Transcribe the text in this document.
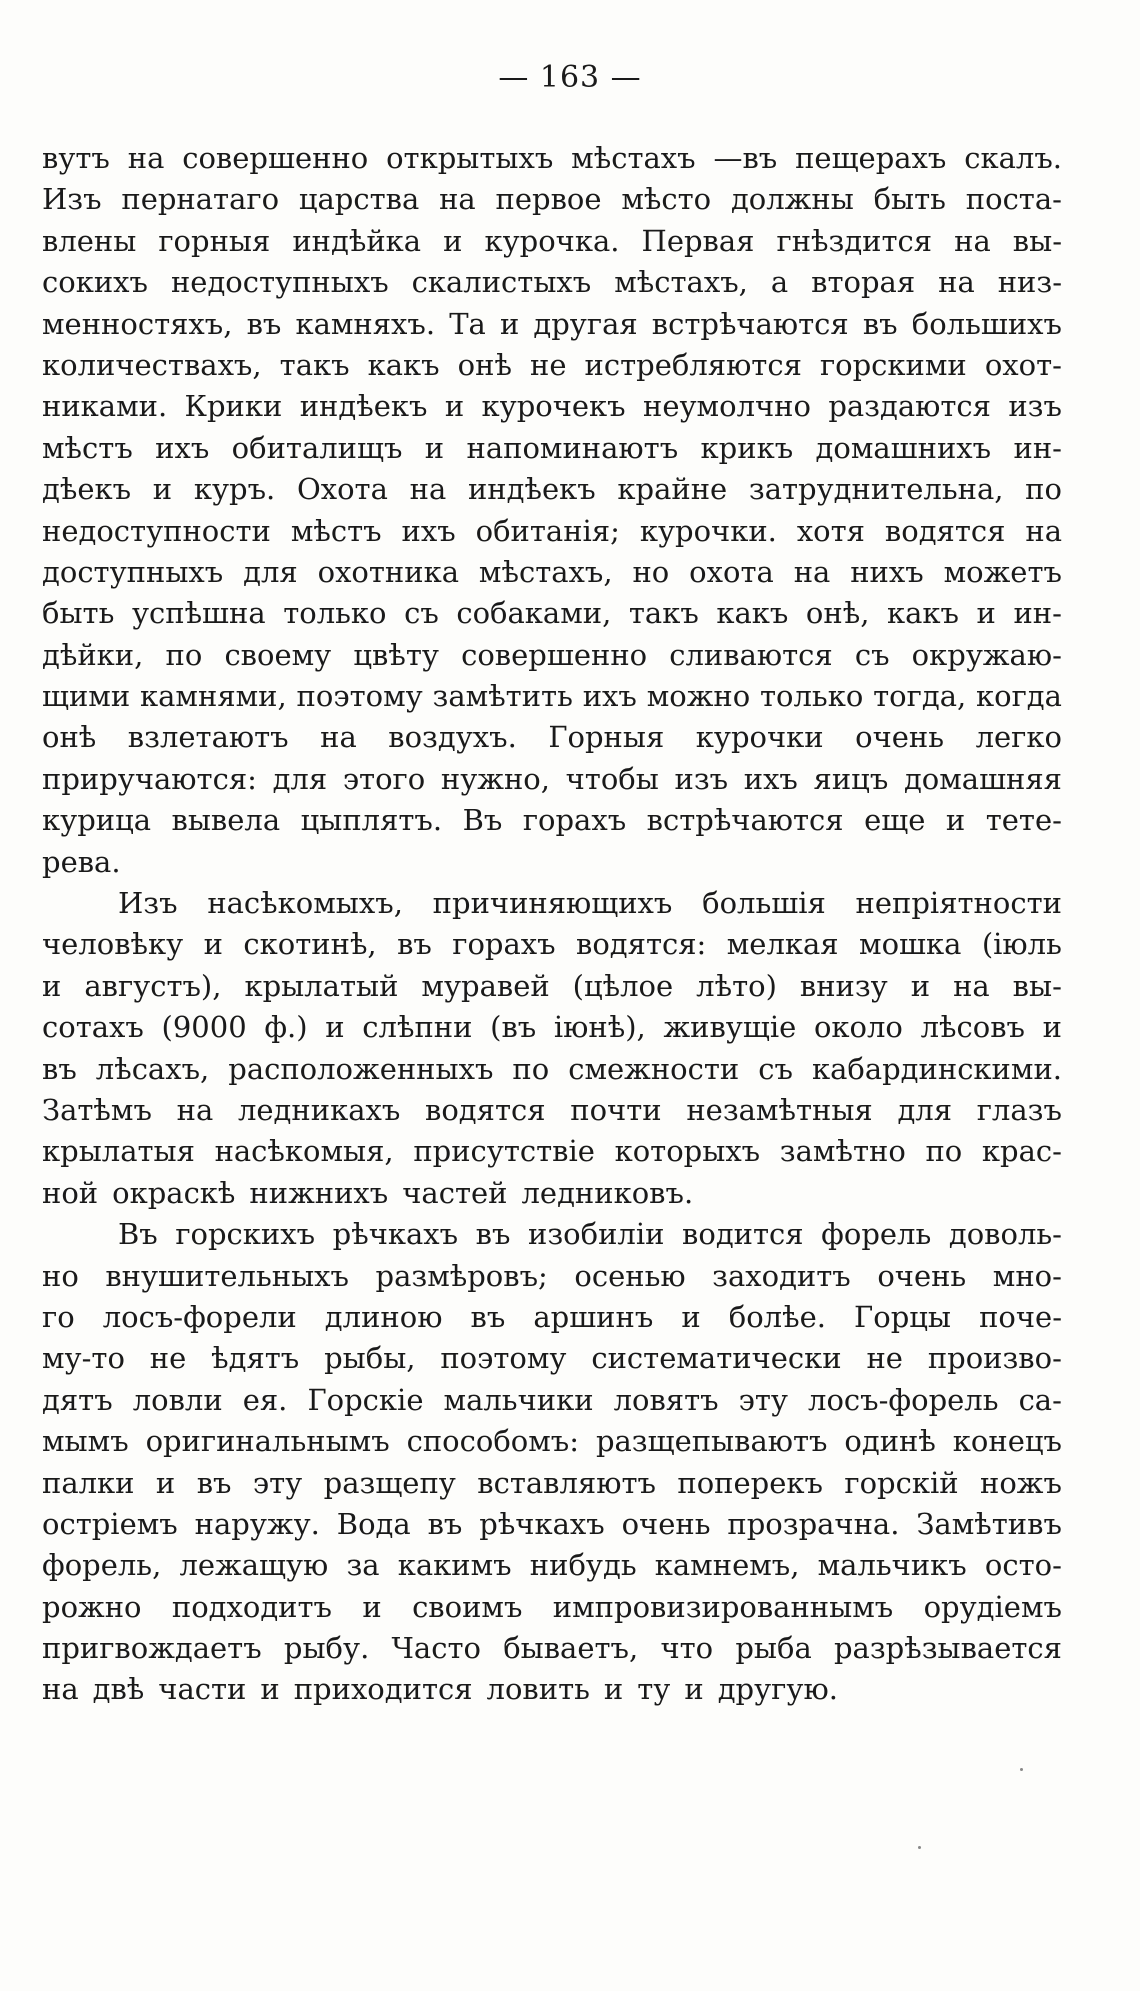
— 163 —
вутъ на совершенно открытыхъ мѣстахъ —въ пещерахъ скалъ.
Изъ пернатаго царства на первое мѣсто должны быть поста-
влены горныя индѣйка и курочка. Первая гнѣздится на вы-
сокихъ недоступныхъ скалистыхъ мѣстахъ, а вторая на низ-
менностяхъ, въ камняхъ. Та и другая встрѣчаются въ большихъ
количествахъ, такъ какъ онѣ не истребляются горскими охот-
никами. Крики индѣекъ и курочекъ неумолчно раздаются изъ
мѣстъ ихъ обиталищъ и напоминаютъ крикъ домашнихъ ин-
дѣекъ и куръ. Охота на индѣекъ крайне затруднительна, по
недоступности мѣстъ ихъ обитанія; курочки. хотя водятся на
доступныхъ для охотника мѣстахъ, но охота на нихъ можетъ
быть успѣшна только съ собаками, такъ какъ онѣ, какъ и ин-
дѣйки, по своему цвѣту совершенно сливаются съ окружаю-
щими камнями, поэтому замѣтить ихъ можно только тогда, когда
онѣ взлетаютъ на воздухъ. Горныя курочки очень легко
приручаются: для этого нужно, чтобы изъ ихъ яицъ домашняя
курица вывела цыплятъ. Въ горахъ встрѣчаются еще и тете-
рева.
Изъ насѣкомыхъ, причиняющихъ большія непріятности
человѣку и скотинѣ, въ горахъ водятся: мелкая мошка (іюль
и августъ), крылатый муравей (цѣлое лѣто) внизу и на вы-
сотахъ (9000 ф.) и слѣпни (въ іюнѣ), живущіе около лѣсовъ и
въ лѣсахъ, расположенныхъ по смежности съ кабардинскими.
Затѣмъ на ледникахъ водятся почти незамѣтныя для глазъ
крылатыя насѣкомыя, присутствіе которыхъ замѣтно по крас-
ной окраскѣ нижнихъ частей ледниковъ.
Въ горскихъ рѣчкахъ въ изобиліи водится форель доволь-
но внушительныхъ размѣровъ; осенью заходитъ очень мно-
го лосъ-форели длиною въ аршинъ и болѣе. Горцы поче-
му-то не ѣдятъ рыбы, поэтому систематически не произво-
дятъ ловли ея. Горскіе мальчики ловятъ эту лосъ-форель са-
мымъ оригинальнымъ способомъ: разщепываютъ одинѣ конецъ
палки и въ эту разщепу вставляютъ поперекъ горскій ножъ
остріемъ наружу. Вода въ рѣчкахъ очень прозрачна. Замѣтивъ
форель, лежащую за какимъ нибудь камнемъ, мальчикъ осто-
рожно подходитъ и своимъ импровизированнымъ орудіемъ
пригвождаетъ рыбу. Часто бываетъ, что рыба разрѣзывается
на двѣ части и приходится ловить и ту и другую.
